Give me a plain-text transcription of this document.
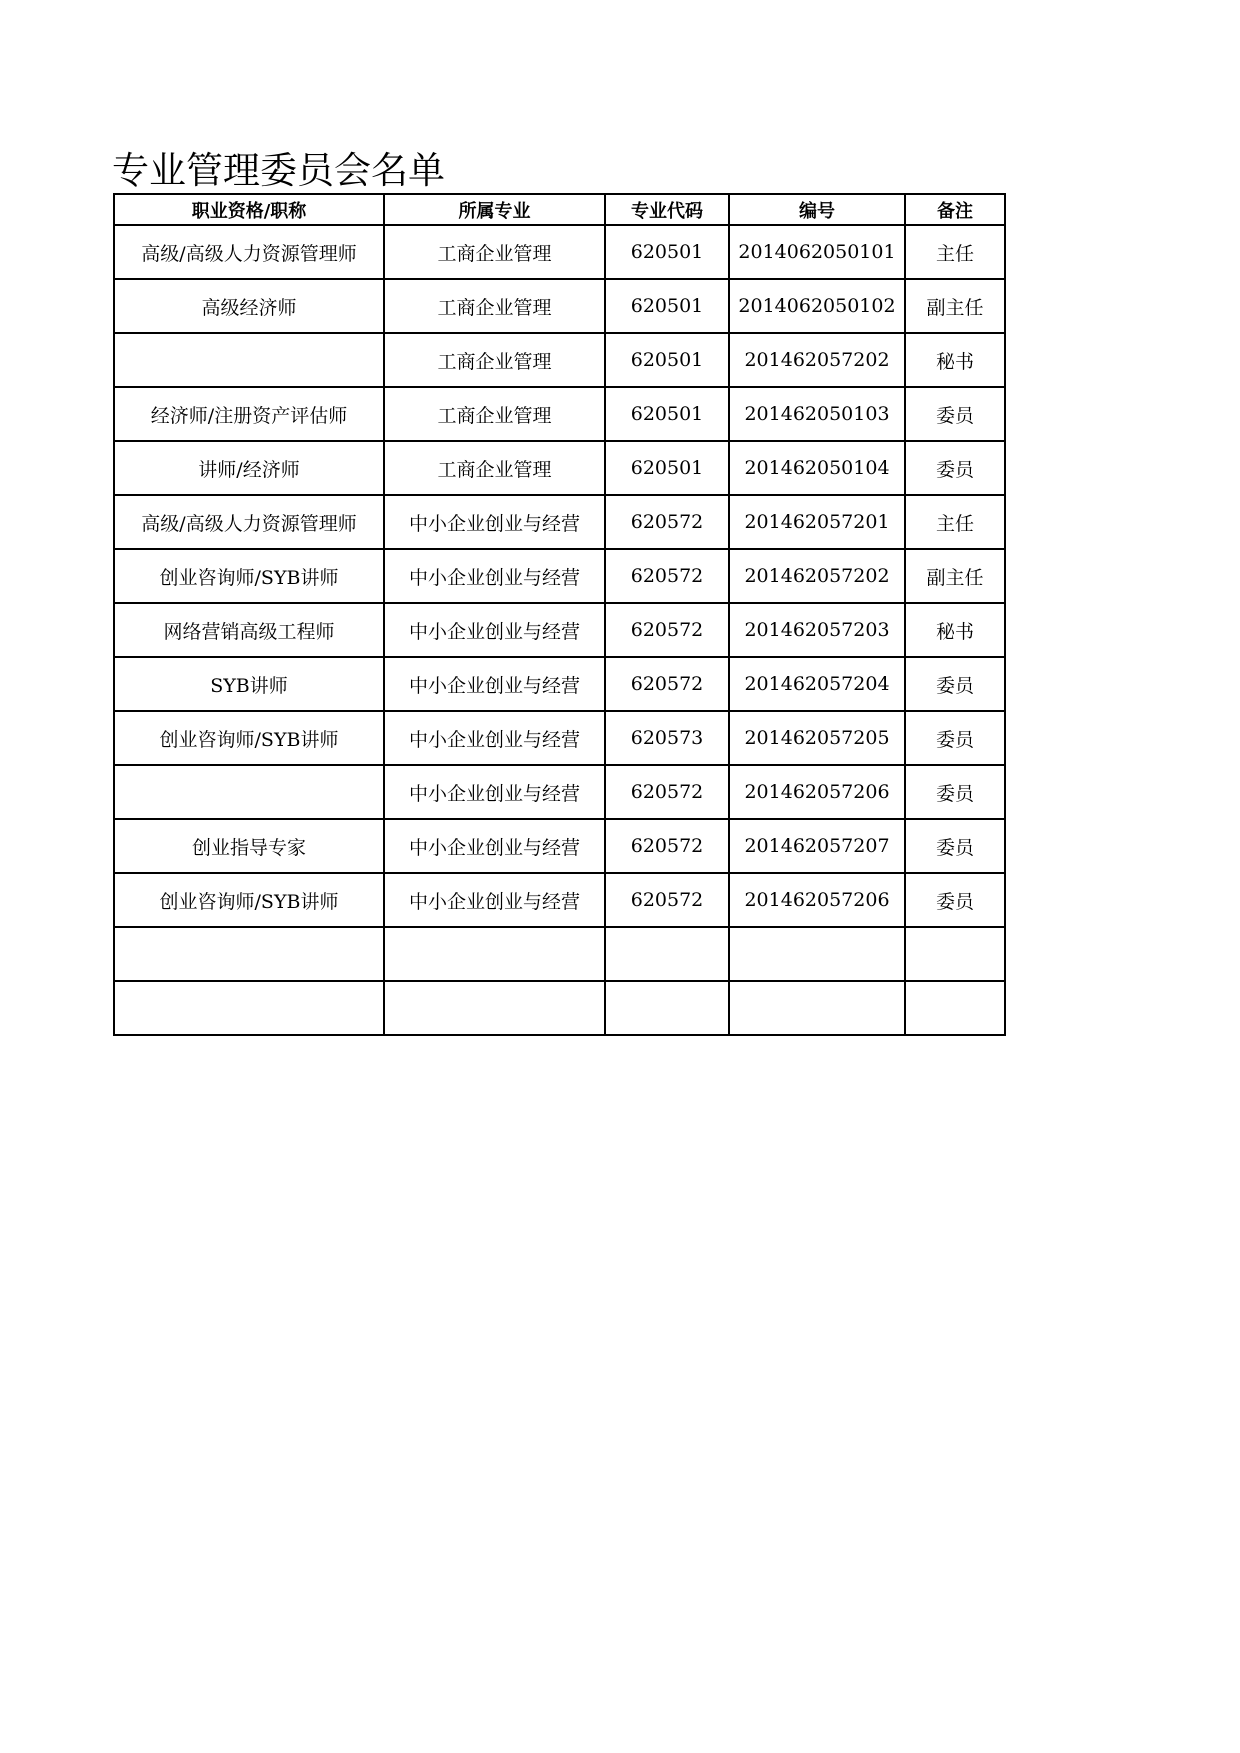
专业管理委员会名单
职业资格/职称	所属专业	专业代码	编号	备注
高级/高级人力资源管理师	工商企业管理	620501	2014062050101	主任
高级经济师	工商企业管理	620501	2014062050102	副主任
	工商企业管理	620501	201462057202	秘书
经济师/注册资产评估师	工商企业管理	620501	201462050103	委员
讲师/经济师	工商企业管理	620501	201462050104	委员
高级/高级人力资源管理师	中小企业创业与经营	620572	201462057201	主任
创业咨询师/SYB讲师	中小企业创业与经营	620572	201462057202	副主任
网络营销高级工程师	中小企业创业与经营	620572	201462057203	秘书
SYB讲师	中小企业创业与经营	620572	201462057204	委员
创业咨询师/SYB讲师	中小企业创业与经营	620573	201462057205	委员
	中小企业创业与经营	620572	201462057206	委员
创业指导专家	中小企业创业与经营	620572	201462057207	委员
创业咨询师/SYB讲师	中小企业创业与经营	620572	201462057206	委员
